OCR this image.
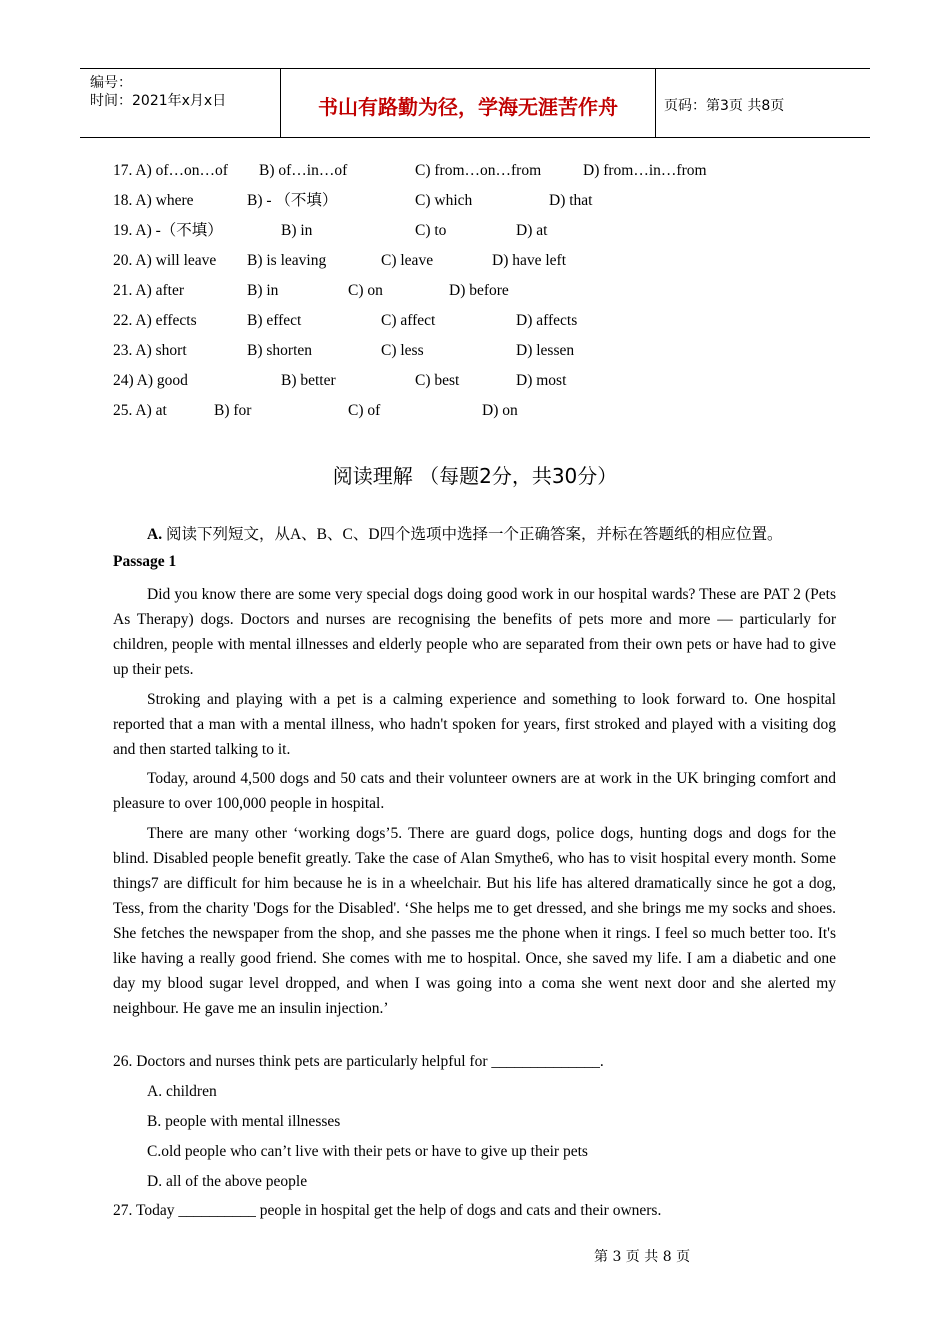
编号：
时间：2021年x月x日	书山有路勤为径，学海无涯苦作舟	页码：第3页 共8页
17. A) of…on…of B) of…in…of	C) from…on…from	D) from…in…from
18. A) where	B) - （不填）	C) which	D) that
19. A) -（不填）	B) in	C) to	D) at
20. A) will leave B) is leaving	C) leave	D) have left
21. A) after	B) in	C) on	D) before
22. A) effects	B) effect	C) affect	D) affects
23. A) short	B) shorten	C) less	D) lessen
24) A) good	B) better	C) best	D) most
25. A) at	B) for	C) of	D) on
阅读理解 （每题2分，共30分）
A. 阅读下列短文，从A、B、C、D四个选项中选择一个正确答案，并标在答题纸的相应位置。
Passage 1
Did you know there are some very special dogs doing good work in our hospital wards? These are PAT 2 (Pets As Therapy) dogs. Doctors and nurses are recognising the benefits of pets more and more — particularly for children, people with mental illnesses and elderly people who are separated from their own pets or have had to give up their pets.
Stroking and playing with a pet is a calming experience and something to look forward to. One hospital reported that a man with a mental illness, who hadn't spoken for years, first stroked and played with a visiting dog and then started talking to it.
Today, around 4,500 dogs and 50 cats and their volunteer owners are at work in the UK bringing comfort and pleasure to over 100,000 people in hospital.
There are many other ‘working dogs’5. There are guard dogs, police dogs, hunting dogs and dogs for the blind. Disabled people benefit greatly. Take the case of Alan Smythe6, who has to visit hospital every month. Some things7 are difficult for him because he is in a wheelchair. But his life has altered dramatically since he got a dog, Tess, from the charity 'Dogs for the Disabled'. ‘She helps me to get dressed, and she brings me my socks and shoes. She fetches the newspaper from the shop, and she passes me the phone when it rings. I feel so much better too. It's like having a really good friend. She comes with me to hospital. Once, she saved my life. I am a diabetic and one day my blood sugar level dropped, and when I was going into a coma she went next door and she alerted my neighbour. He gave me an insulin injection.’
26. Doctors and nurses think pets are particularly helpful for ______________.
A. children
B. people with mental illnesses
C.old people who can’t live with their pets or have to give up their pets
D. all of the above people
27. Today __________ people in hospital get the help of dogs and cats and their owners.
第 3 页 共 8 页
